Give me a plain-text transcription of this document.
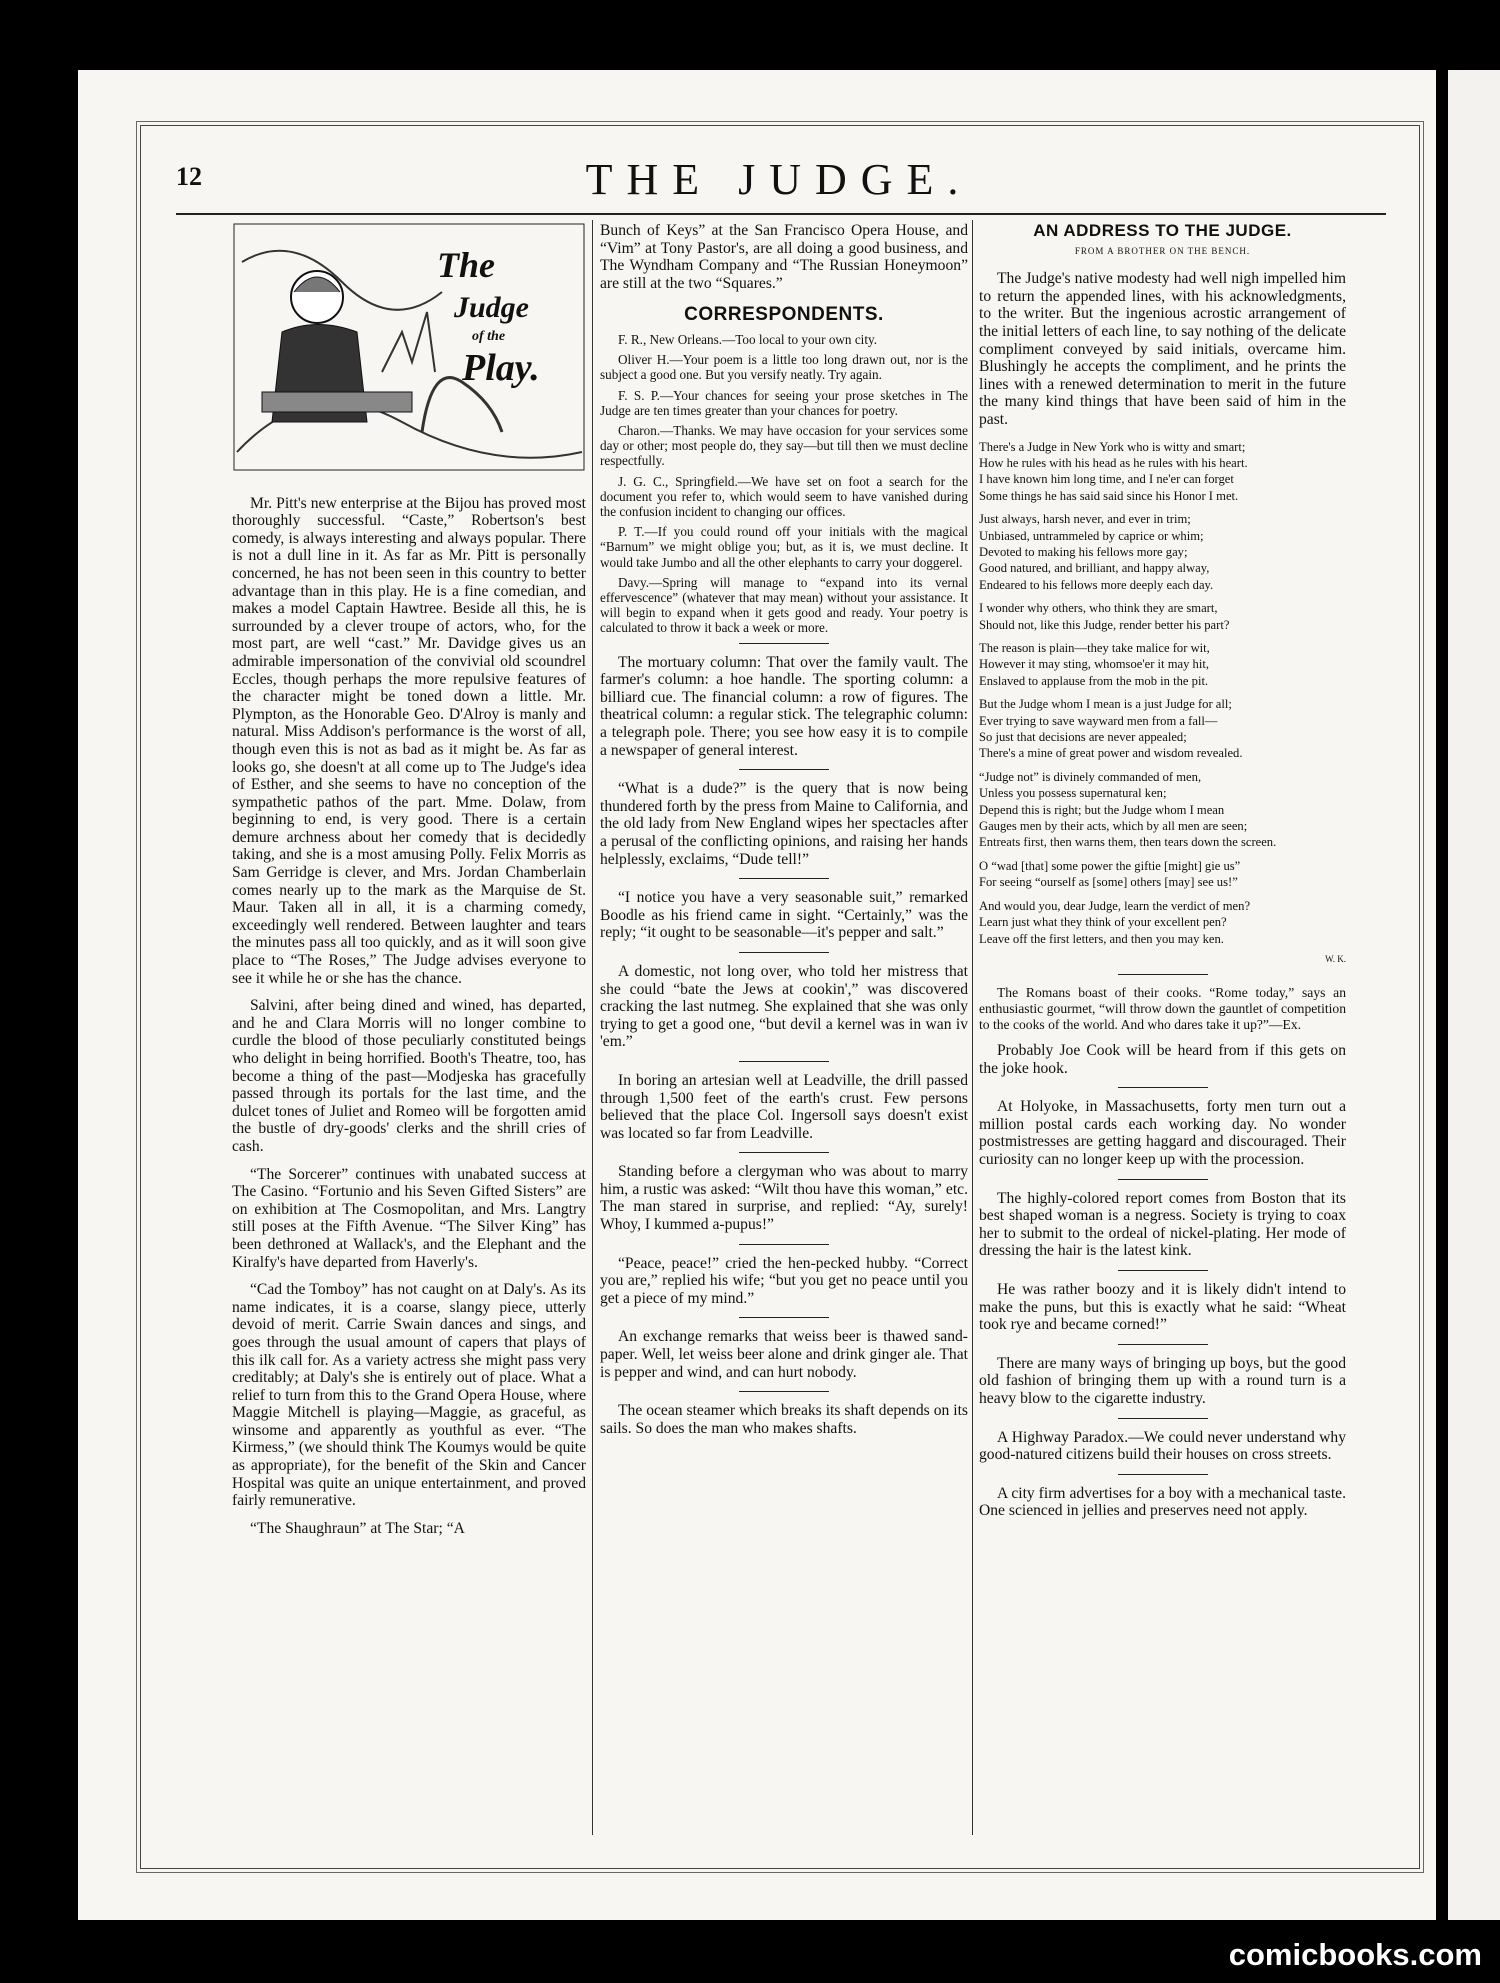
12	THE JUDGE.
The
Judge
of the
Play.

Mr. Pitt's new enterprise at the Bijou has proved most thoroughly successful. “Caste,” Robertson's best comedy, is always interesting and always popular. There is not a dull line in it. As far as Mr. Pitt is personally concerned, he has not been seen in this country to better advantage than in this play. He is a fine comedian, and makes a model Captain Hawtree. Beside all this, he is surrounded by a clever troupe of actors, who, for the most part, are well “cast.” Mr. Davidge gives us an admirable impersonation of the convivial old scoundrel Eccles, though perhaps the more repulsive features of the character might be toned down a little. Mr. Plympton, as the Honorable Geo. D'Alroy is manly and natural. Miss Addison's performance is the worst of all, though even this is not as bad as it might be. As far as looks go, she doesn't at all come up to The Judge's idea of Esther, and she seems to have no conception of the sympathetic pathos of the part. Mme. Dolaw, from beginning to end, is very good. There is a certain demure archness about her comedy that is decidedly taking, and she is a most amusing Polly. Felix Morris as Sam Gerridge is clever, and Mrs. Jordan Chamberlain comes nearly up to the mark as the Marquise de St. Maur. Taken all in all, it is a charming comedy, exceedingly well rendered. Between laughter and tears the minutes pass all too quickly, and as it will soon give place to “The Roses,” The Judge advises everyone to see it while he or she has the chance.

Salvini, after being dined and wined, has departed, and he and Clara Morris will no longer combine to curdle the blood of those peculiarly constituted beings who delight in being horrified. Booth's Theatre, too, has become a thing of the past—Modjeska has gracefully passed through its portals for the last time, and the dulcet tones of Juliet and Romeo will be forgotten amid the bustle of dry-goods' clerks and the shrill cries of cash.

“The Sorcerer” continues with unabated success at The Casino. “Fortunio and his Seven Gifted Sisters” are on exhibition at The Cosmopolitan, and Mrs. Langtry still poses at the Fifth Avenue. “The Silver King” has been dethroned at Wallack's, and the Elephant and the Kiralfy's have departed from Haverly's.

“Cad the Tomboy” has not caught on at Daly's. As its name indicates, it is a coarse, slangy piece, utterly devoid of merit. Carrie Swain dances and sings, and goes through the usual amount of capers that plays of this ilk call for. As a variety actress she might pass very creditably; at Daly's she is entirely out of place. What a relief to turn from this to the Grand Opera House, where Maggie Mitchell is playing—Maggie, as graceful, as winsome and apparently as youthful as ever. “The Kirmess,” (we should think The Koumys would be quite as appropriate), for the benefit of the Skin and Cancer Hospital was quite an unique entertainment, and proved fairly remunerative.

“The Shaughraun” at The Star; “A

Bunch of Keys” at the San Francisco Opera House, and “Vim” at Tony Pastor's, are all doing a good business, and The Wyndham Company and “The Russian Honeymoon” are still at the two “Squares.”

CORRESPONDENTS.

F. R., New Orleans.—Too local to your own city.

Oliver H.—Your poem is a little too long drawn out, nor is the subject a good one. But you versify neatly. Try again.

F. S. P.—Your chances for seeing your prose sketches in The Judge are ten times greater than your chances for poetry.

Charon.—Thanks. We may have occasion for your services some day or other; most people do, they say—but till then we must decline respectfully.

J. G. C., Springfield.—We have set on foot a search for the document you refer to, which would seem to have vanished during the confusion incident to changing our offices.

P. T.—If you could round off your initials with the magical “Barnum” we might oblige you; but, as it is, we must decline. It would take Jumbo and all the other elephants to carry your doggerel.

Davy.—Spring will manage to “expand into its vernal effervescence” (whatever that may mean) without your assistance. It will begin to expand when it gets good and ready. Your poetry is calculated to throw it back a week or more.

The mortuary column: That over the family vault. The farmer's column: a hoe handle. The sporting column: a billiard cue. The financial column: a row of figures. The theatrical column: a regular stick. The telegraphic column: a telegraph pole. There; you see how easy it is to compile a newspaper of general interest.

“What is a dude?” is the query that is now being thundered forth by the press from Maine to California, and the old lady from New England wipes her spectacles after a perusal of the conflicting opinions, and raising her hands helplessly, exclaims, “Dude tell!”

“I notice you have a very seasonable suit,” remarked Boodle as his friend came in sight. “Certainly,” was the reply; “it ought to be seasonable—it's pepper and salt.”

A domestic, not long over, who told her mistress that she could “bate the Jews at cookin',” was discovered cracking the last nutmeg. She explained that she was only trying to get a good one, “but devil a kernel was in wan iv 'em.”

In boring an artesian well at Leadville, the drill passed through 1,500 feet of the earth's crust. Few persons believed that the place Col. Ingersoll says doesn't exist was located so far from Leadville.

Standing before a clergyman who was about to marry him, a rustic was asked: “Wilt thou have this woman,” etc. The man stared in surprise, and replied: “Ay, surely! Whoy, I kummed a-pupus!”

“Peace, peace!” cried the hen-pecked hubby. “Correct you are,” replied his wife; “but you get no peace until you get a piece of my mind.”

An exchange remarks that weiss beer is thawed sand-paper. Well, let weiss beer alone and drink ginger ale. That is pepper and wind, and can hurt nobody.

The ocean steamer which breaks its shaft depends on its sails. So does the man who makes shafts.

AN ADDRESS TO THE JUDGE.
FROM A BROTHER ON THE BENCH.

The Judge's native modesty had well nigh impelled him to return the appended lines, with his acknowledgments, to the writer. But the ingenious acrostic arrangement of the initial letters of each line, to say nothing of the delicate compliment conveyed by said initials, overcame him. Blushingly he accepts the compliment, and he prints the lines with a renewed determination to merit in the future the many kind things that have been said of him in the past.

There's a Judge in New York who is witty and smart;
How he rules with his head as he rules with his heart.
I have known him long time, and I ne'er can forget
Some things he has said said since his Honor I met.
Just always, harsh never, and ever in trim;
Unbiased, untrammeled by caprice or whim;
Devoted to making his fellows more gay;
Good natured, and brilliant, and happy alway,
Endeared to his fellows more deeply each day.
I wonder why others, who think they are smart,
Should not, like this Judge, render better his part?
The reason is plain—they take malice for wit,
However it may sting, whomsoe'er it may hit,
Enslaved to applause from the mob in the pit.
But the Judge whom I mean is a just Judge for all;
Ever trying to save wayward men from a fall—
So just that decisions are never appealed;
There's a mine of great power and wisdom revealed.
“Judge not” is divinely commanded of men,
Unless you possess supernatural ken;
Depend this is right; but the Judge whom I mean
Gauges men by their acts, which by all men are seen;
Entreats first, then warns them, then tears down the screen.
O “wad [that] some power the giftie [might] gie us”
For seeing “ourself as [some] others [may] see us!”
And would you, dear Judge, learn the verdict of men?
Learn just what they think of your excellent pen?
Leave off the first letters, and then you may ken.
W. K.

The Romans boast of their cooks. “Rome today,” says an enthusiastic gourmet, “will throw down the gauntlet of competition to the cooks of the world. And who dares take it up?”—Ex.

Probably Joe Cook will be heard from if this gets on the joke hook.

At Holyoke, in Massachusetts, forty men turn out a million postal cards each working day. No wonder postmistresses are getting haggard and discouraged. Their curiosity can no longer keep up with the procession.

The highly-colored report comes from Boston that its best shaped woman is a negress. Society is trying to coax her to submit to the ordeal of nickel-plating. Her mode of dressing the hair is the latest kink.

He was rather boozy and it is likely didn't intend to make the puns, but this is exactly what he said: “Wheat took rye and became corned!”

There are many ways of bringing up boys, but the good old fashion of bringing them up with a round turn is a heavy blow to the cigarette industry.

A Highway Paradox.—We could never understand why good-natured citizens build their houses on cross streets.

A city firm advertises for a boy with a mechanical taste. One scienced in jellies and preserves need not apply.

comicbooks.com
